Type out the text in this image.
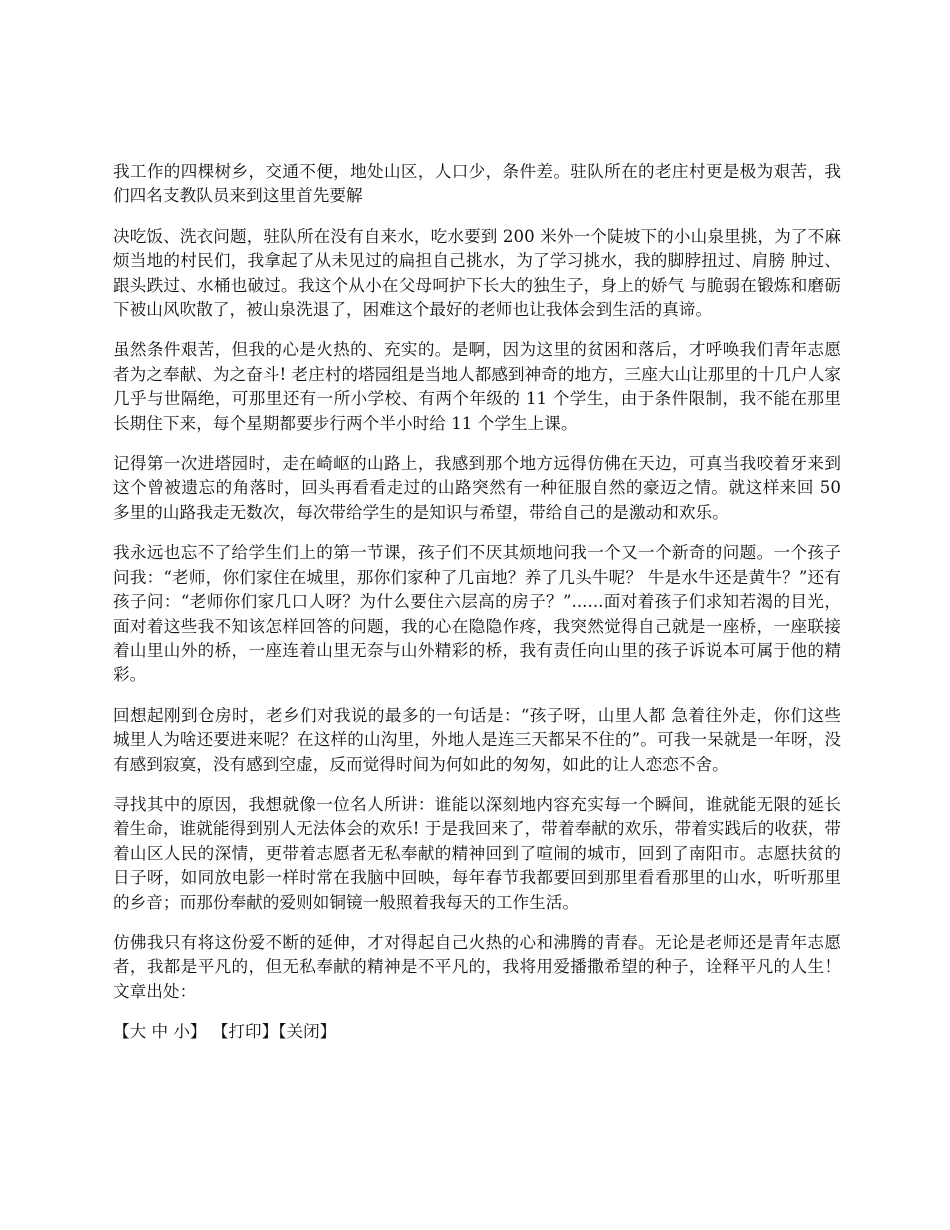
我工作的四棵树乡，交通不便，地处山区，人口少，条件差。驻队所在的老庄村更是极为艰苦，我们四名支教队员来到这里首先要解

决吃饭、洗衣问题，驻队所在没有自来水，吃水要到 200 米外一个陡坡下的小山泉里挑，为了不麻烦当地的村民们，我拿起了从未见过的扁担自己挑水，为了学习挑水，我的脚脖扭过、肩膀 肿过、跟头跌过、水桶也破过。我这个从小在父母呵护下长大的独生子，身上的娇气 与脆弱在锻炼和磨砺下被山风吹散了，被山泉洗退了，困难这个最好的老师也让我体会到生活的真谛。

虽然条件艰苦，但我的心是火热的、充实的。是啊，因为这里的贫困和落后，才呼唤我们青年志愿者为之奉献、为之奋斗! 老庄村的塔园组是当地人都感到神奇的地方，三座大山让那里的十几户人家几乎与世隔绝，可那里还有一所小学校、有两个年级的 11 个学生，由于条件限制，我不能在那里长期住下来，每个星期都要步行两个半小时给 11 个学生上课。

记得第一次进塔园时，走在崎岖的山路上，我感到那个地方远得仿佛在天边，可真当我咬着牙来到这个曾被遗忘的角落时，回头再看看走过的山路突然有一种征服自然的豪迈之情。就这样来回 50 多里的山路我走无数次，每次带给学生的是知识与希望，带给自己的是激动和欢乐。

我永远也忘不了给学生们上的第一节课，孩子们不厌其烦地问我一个又一个新奇的问题。一个孩子问我：“老师，你们家住在城里，那你们家种了几亩地？养了几头牛呢？ 牛是水牛还是黄牛？”还有孩子问：“老师你们家几口人呀？为什么要住六层高的房子？”......面对着孩子们求知若渴的目光，面对着这些我不知该怎样回答的问题，我的心在隐隐作疼，我突然觉得自己就是一座桥，一座联接着山里山外的桥，一座连着山里无奈与山外精彩的桥，我有责任向山里的孩子诉说本可属于他的精彩。

回想起刚到仓房时，老乡们对我说的最多的一句话是：“孩子呀，山里人都 急着往外走，你们这些城里人为啥还要进来呢？在这样的山沟里，外地人是连三天都呆不住的”。可我一呆就是一年呀，没有感到寂寞，没有感到空虚，反而觉得时间为何如此的匆匆，如此的让人恋恋不舍。

寻找其中的原因，我想就像一位名人所讲：谁能以深刻地内容充实每一个瞬间，谁就能无限的延长着生命，谁就能得到别人无法体会的欢乐! 于是我回来了，带着奉献的欢乐，带着实践后的收获，带着山区人民的深情，更带着志愿者无私奉献的精神回到了喧闹的城市，回到了南阳市。志愿扶贫的日子呀，如同放电影一样时常在我脑中回映，每年春节我都要回到那里看看那里的山水，听听那里的乡音；而那份奉献的爱则如铜镜一般照着我每天的工作生活。

仿佛我只有将这份爱不断的延伸，才对得起自己火热的心和沸腾的青春。无论是老师还是青年志愿者，我都是平凡的，但无私奉献的精神是不平凡的，我将用爱播撒希望的种子，诠释平凡的人生！ 文章出处：

【大 中 小】 【打印】【关闭】
